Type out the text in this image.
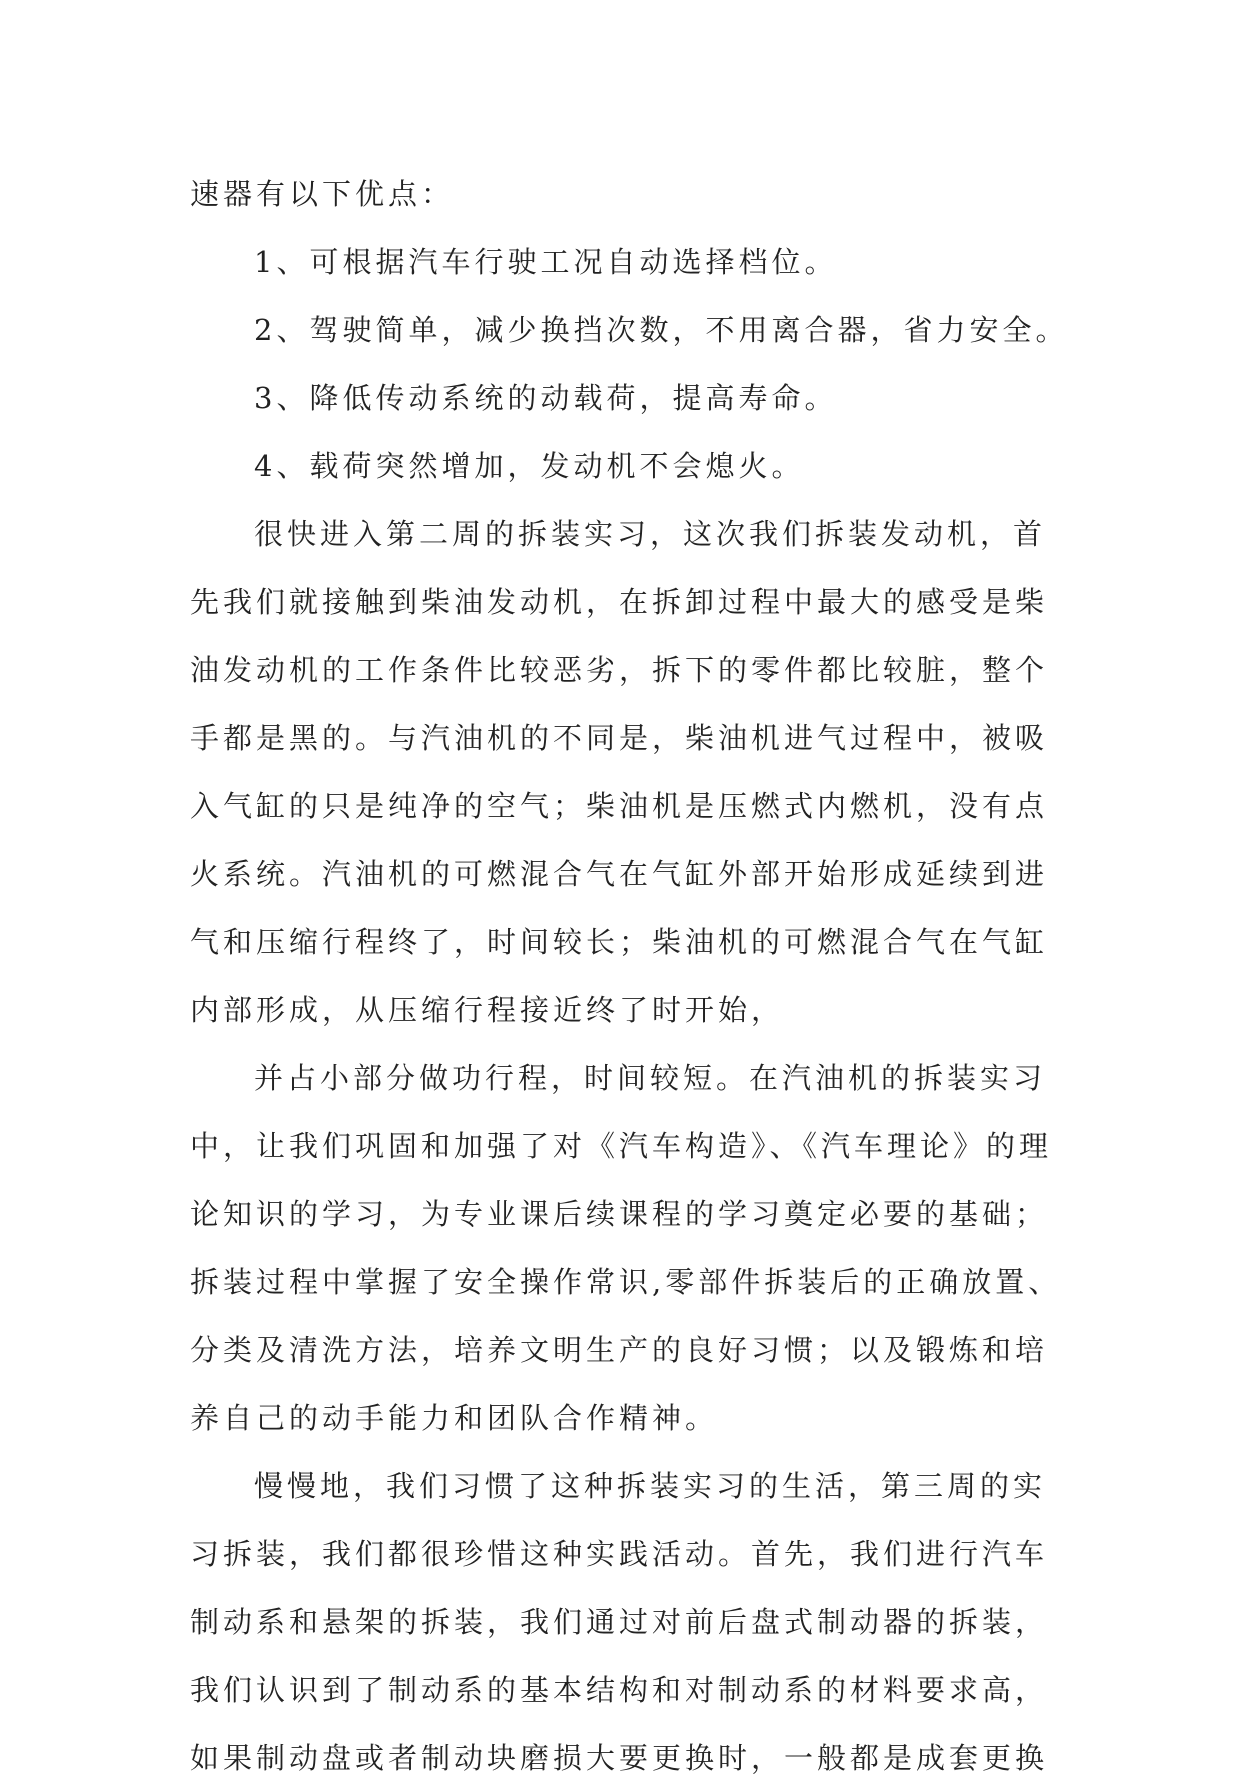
速器有以下优点：
1、可根据汽车行驶工况自动选择档位。
2、驾驶简单，减少换挡次数，不用离合器，省力安全。
3、降低传动系统的动载荷，提高寿命。
4、载荷突然增加，发动机不会熄火。
很快进入第二周的拆装实习，这次我们拆装发动机，首
先我们就接触到柴油发动机，在拆卸过程中最大的感受是柴
油发动机的工作条件比较恶劣，拆下的零件都比较脏，整个
手都是黑的。与汽油机的不同是，柴油机进气过程中，被吸
入气缸的只是纯净的空气；柴油机是压燃式内燃机，没有点
火系统。汽油机的可燃混合气在气缸外部开始形成延续到进
气和压缩行程终了，时间较长；柴油机的可燃混合气在气缸
内部形成，从压缩行程接近终了时开始，
并占小部分做功行程，时间较短。在汽油机的拆装实习
中，让我们巩固和加强了对《汽车构造》、《汽车理论》的理
论知识的学习，为专业课后续课程的学习奠定必要的基础；
拆装过程中掌握了安全操作常识,零部件拆装后的正确放置、
分类及清洗方法，培养文明生产的良好习惯；以及锻炼和培
养自己的动手能力和团队合作精神。
慢慢地，我们习惯了这种拆装实习的生活，第三周的实
习拆装，我们都很珍惜这种实践活动。首先，我们进行汽车
制动系和悬架的拆装，我们通过对前后盘式制动器的拆装，
我们认识到了制动系的基本结构和对制动系的材料要求高，
如果制动盘或者制动块磨损大要更换时，一般都是成套更换
